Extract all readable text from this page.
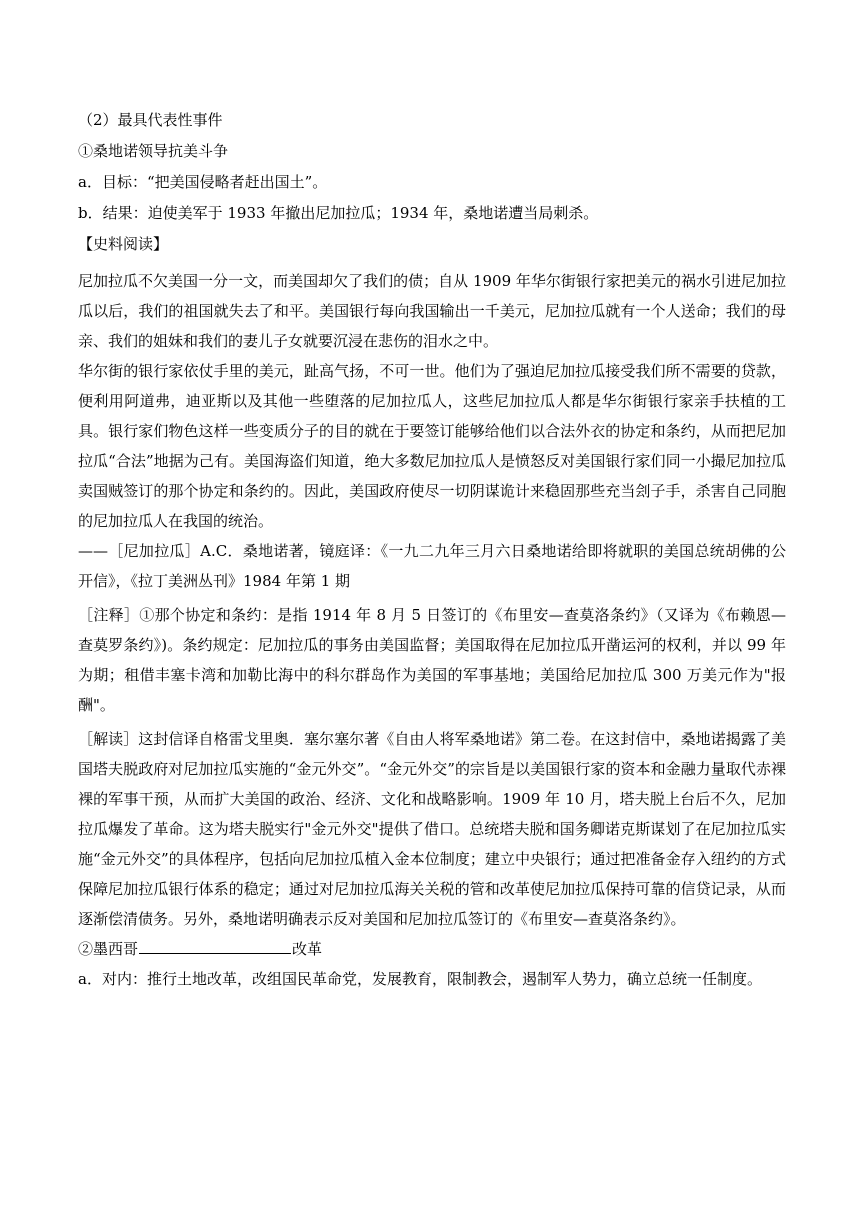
（2）最具代表性事件
①桑地诺领导抗美斗争
a．目标：“把美国侵略者赶出国土”。
b．结果：迫使美军于 1933 年撤出尼加拉瓜；1934 年，桑地诺遭当局刺杀。
【史料阅读】

尼加拉瓜不欠美国一分一文，而美国却欠了我们的债；自从 1909 年华尔街银行家把美元的祸水引进尼加拉瓜以后，我们的祖国就失去了和平。美国银行每向我国输出一千美元，尼加拉瓜就有一个人送命；我们的母亲、我们的姐妹和我们的妻儿子女就要沉浸在悲伤的泪水之中。

华尔街的银行家依仗手里的美元，趾高气扬，不可一世。他们为了强迫尼加拉瓜接受我们所不需要的贷款，便利用阿道弗，迪亚斯以及其他一些堕落的尼加拉瓜人，这些尼加拉瓜人都是华尔街银行家亲手扶植的工具。银行家们物色这样一些变质分子的目的就在于要签订能够给他们以合法外衣的协定和条约，从而把尼加拉瓜“合法”地据为己有。美国海盗们知道，绝大多数尼加拉瓜人是愤怒反对美国银行家们同一小撮尼加拉瓜卖国贼签订的那个协定和条约的。因此，美国政府使尽一切阴谋诡计来稳固那些充当刽子手，杀害自己同胞的尼加拉瓜人在我国的统治。

——［尼加拉瓜］A.C．桑地诺著，镜庭译：《一九二九年三月六日桑地诺给即将就职的美国总统胡佛的公开信》，《拉丁美洲丛刊》1984 年第 1 期

［注释］①那个协定和条约：是指 1914 年 8 月 5 日签订的《布里安—查莫洛条约》（又译为《布赖恩—查莫罗条约》)。条约规定：尼加拉瓜的事务由美国监督；美国取得在尼加拉瓜开凿运河的权利，并以 99 年为期；租借丰塞卡湾和加勒比海中的科尔群岛作为美国的军事基地；美国给尼加拉瓜 300 万美元作为"报酬"。

［解读］这封信译自格雷戈里奥．塞尔塞尔著《自由人将军桑地诺》第二卷。在这封信中，桑地诺揭露了美国塔夫脱政府对尼加拉瓜实施的“金元外交”。“金元外交”的宗旨是以美国银行家的资本和金融力量取代赤裸裸的军事干预，从而扩大美国的政治、经济、文化和战略影响。1909 年 10 月，塔夫脱上台后不久，尼加拉瓜爆发了革命。这为塔夫脱实行"金元外交"提供了借口。总统塔夫脱和国务卿诺克斯谋划了在尼加拉瓜实施“金元外交”的具体程序，包括向尼加拉瓜植入金本位制度；建立中央银行；通过把准备金存入纽约的方式保障尼加拉瓜银行体系的稳定；通过对尼加拉瓜海关关税的管和改革使尼加拉瓜保持可靠的信贷记录，从而逐渐偿清债务。另外，桑地诺明确表示反对美国和尼加拉瓜签订的《布里安—查莫洛条约》。

②墨西哥	改革
a．对内：推行土地改革，改组国民革命党，发展教育，限制教会，遏制军人势力，确立总统一任制度。
